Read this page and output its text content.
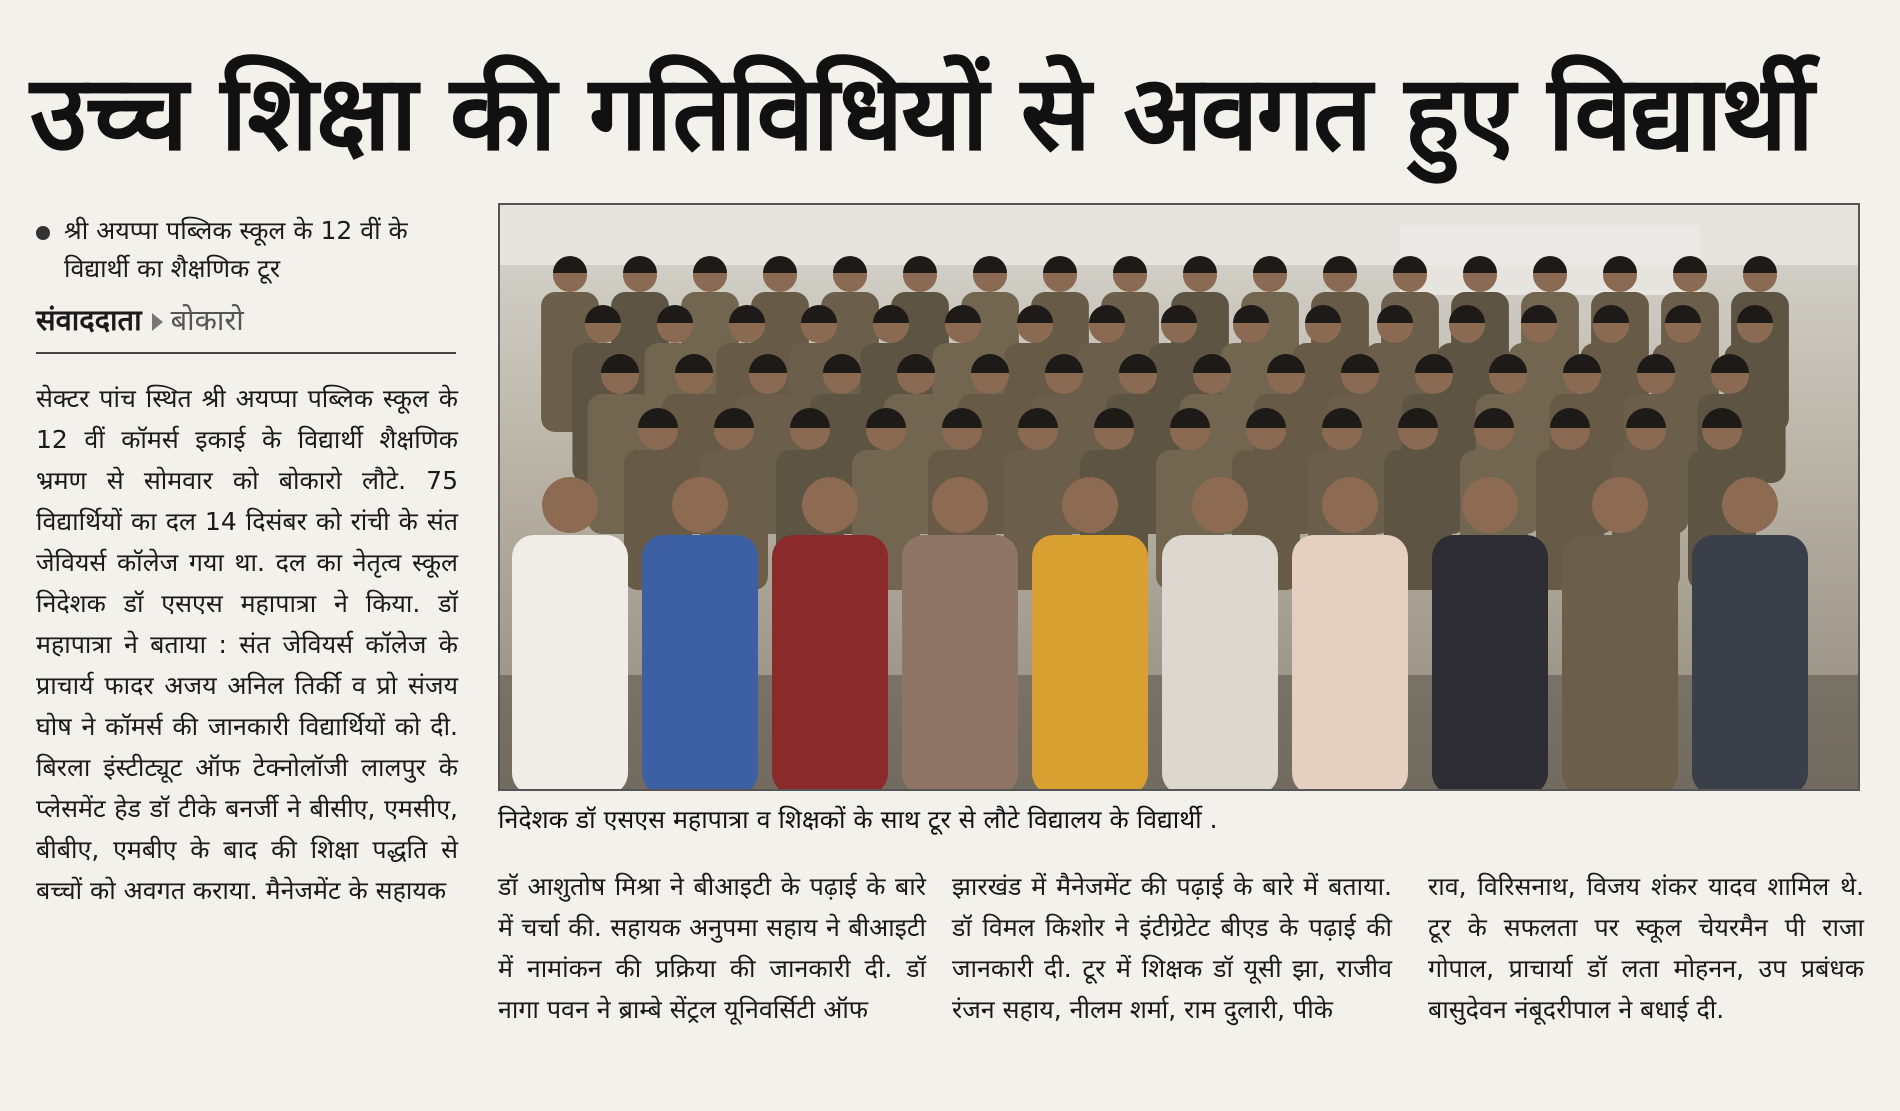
उच्च शिक्षा की गतिविधियों से अवगत हुए विद्यार्थी
श्री अयप्पा पब्लिक स्कूल के 12 वीं के विद्यार्थी का शैक्षणिक टूर
संवाददाता बोकारो
सेक्टर पांच स्थित श्री अयप्पा पब्लिक स्कूल के 12 वीं कॉमर्स इकाई के विद्यार्थी शैक्षणिक भ्रमण से सोमवार को बोकारो लौटे. 75 विद्यार्थियों का दल 14 दिसंबर को रांची के संत जेवियर्स कॉलेज गया था. दल का नेतृत्व स्कूल निदेशक डॉ एसएस महापात्रा ने किया. डॉ महापात्रा ने बताया : संत जेवियर्स कॉलेज के प्राचार्य फादर अजय अनिल तिर्की व प्रो संजय घोष ने कॉमर्स की जानकारी विद्यार्थियों को दी. बिरला इंस्टीट्यूट ऑफ टेक्नोलॉजी लालपुर के प्लेसमेंट हेड डॉ टीके बनर्जी ने बीसीए, एमसीए, बीबीए, एमबीए के बाद की शिक्षा पद्धति से बच्चों को अवगत कराया. मैनेजमेंट के सहायक
निदेशक डॉ एसएस महापात्रा व शिक्षकों के साथ टूर से लौटे विद्यालय के विद्यार्थी .
डॉ आशुतोष मिश्रा ने बीआइटी के पढ़ाई के बारे में चर्चा की. सहायक अनुपमा सहाय ने बीआइटी में नामांकन की प्रक्रिया की जानकारी दी. डॉ नागा पवन ने ब्राम्बे सेंट्रल यूनिवर्सिटी ऑफ
झारखंड में मैनेजमेंट की पढ़ाई के बारे में बताया. डॉ विमल किशोर ने इंटीग्रेटेट बीएड के पढ़ाई की जानकारी दी. टूर में शिक्षक डॉ यूसी झा, राजीव रंजन सहाय, नीलम शर्मा, राम दुलारी, पीके
राव, विरिसनाथ, विजय शंकर यादव शामिल थे. टूर के सफलता पर स्कूल चेयरमैन पी राजा गोपाल, प्राचार्या डॉ लता मोहनन, उप प्रबंधक बासुदेवन नंबूदरीपाल ने बधाई दी.
